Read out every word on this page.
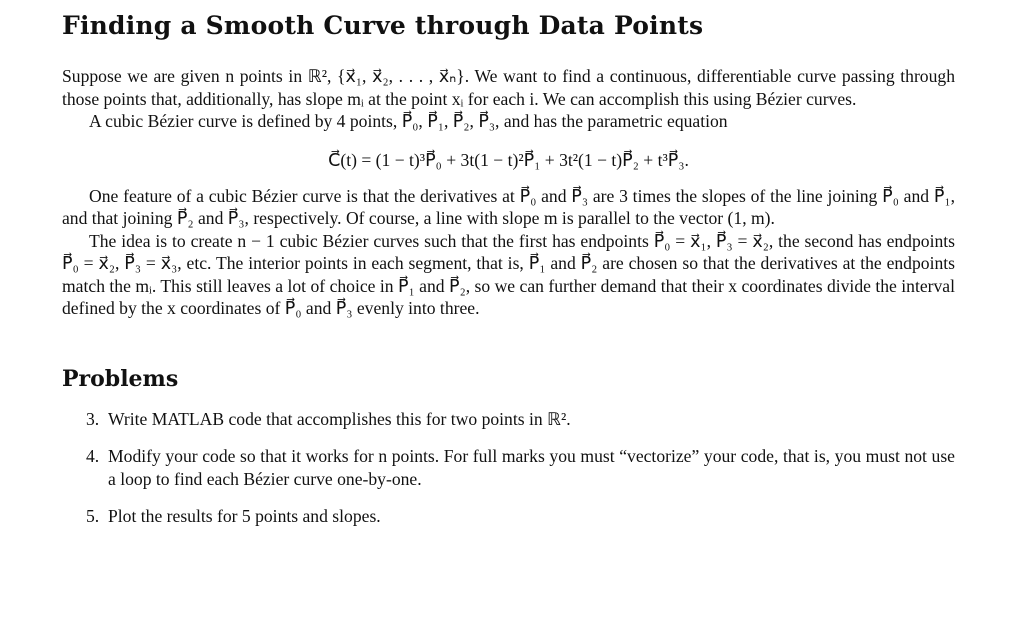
Finding a Smooth Curve through Data Points

Suppose we are given n points in ℝ², {x⃗₁, x⃗₂, . . . , x⃗ₙ}. We want to find a continuous, differentiable curve passing through those points that, additionally, has slope mᵢ at the point xᵢ for each i. We can accomplish this using Bézier curves.

A cubic Bézier curve is defined by 4 points, P⃗₀, P⃗₁, P⃗₂, P⃗₃, and has the parametric equation

C⃗(t) = (1 − t)³P⃗₀ + 3t(1 − t)²P⃗₁ + 3t²(1 − t)P⃗₂ + t³P⃗₃.

One feature of a cubic Bézier curve is that the derivatives at P⃗₀ and P⃗₃ are 3 times the slopes of the line joining P⃗₀ and P⃗₁, and that joining P⃗₂ and P⃗₃, respectively. Of course, a line with slope m is parallel to the vector (1, m).

The idea is to create n − 1 cubic Bézier curves such that the first has endpoints P⃗₀ = x⃗₁, P⃗₃ = x⃗₂, the second has endpoints P⃗₀ = x⃗₂, P⃗₃ = x⃗₃, etc. The interior points in each segment, that is, P⃗₁ and P⃗₂ are chosen so that the derivatives at the endpoints match the mᵢ. This still leaves a lot of choice in P⃗₁ and P⃗₂, so we can further demand that their x coordinates divide the interval defined by the x coordinates of P⃗₀ and P⃗₃ evenly into three.

Problems
3. Write MATLAB code that accomplishes this for two points in ℝ².
4. Modify your code so that it works for n points. For full marks you must “vectorize” your code, that is, you must not use a loop to find each Bézier curve one-by-one.
5. Plot the results for 5 points and slopes.
